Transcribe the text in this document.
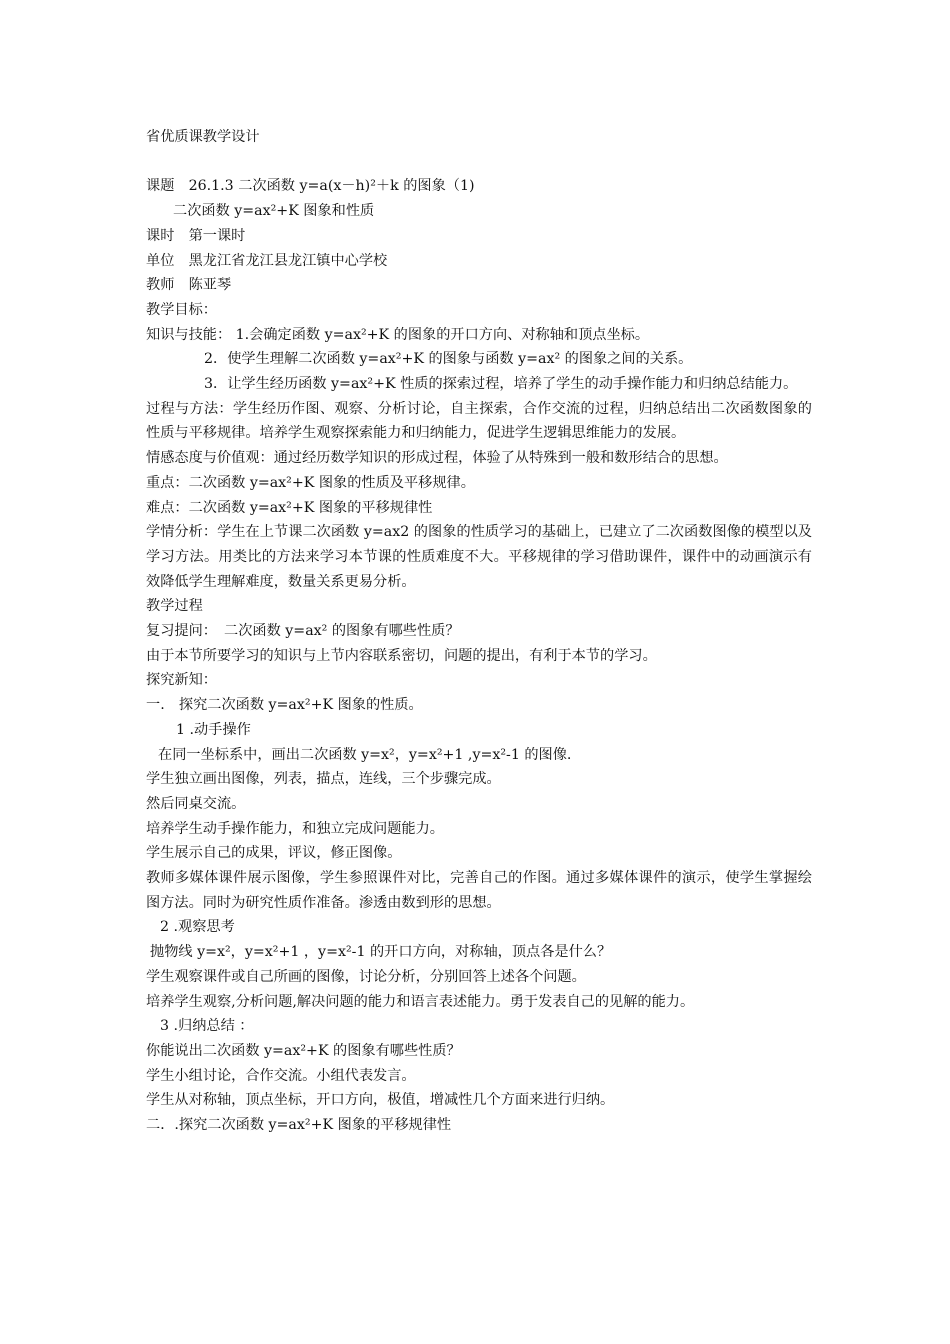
省优质课教学设计
课题　26.1.3 二次函数 y=a(x－h)²＋k 的图象（1)
二次函数 y=ax²+K 图象和性质
课时　第一课时
单位　黑龙江省龙江县龙江镇中心学校
教师　陈亚琴
教学目标：
知识与技能： 1.会确定函数 y=ax²+K 的图象的开口方向、对称轴和顶点坐标。
2．使学生理解二次函数 y=ax²+K 的图象与函数 y=ax² 的图象之间的关系。
3．让学生经历函数 y=ax²+K 性质的探索过程，培养了学生的动手操作能力和归纳总结能力。
过程与方法：学生经历作图、观察、分析讨论，自主探索，合作交流的过程，归纳总结出二次函数图象的性质与平移规律。培养学生观察探索能力和归纳能力，促进学生逻辑思维能力的发展。
情感态度与价值观：通过经历数学知识的形成过程，体验了从特殊到一般和数形结合的思想。
重点：二次函数 y=ax²+K 图象的性质及平移规律。
难点：二次函数 y=ax²+K 图象的平移规律性
学情分析：学生在上节课二次函数 y=ax2 的图象的性质学习的基础上，已建立了二次函数图像的模型以及学习方法。用类比的方法来学习本节课的性质难度不大。平移规律的学习借助课件，课件中的动画演示有效降低学生理解难度，数量关系更易分析。
教学过程
复习提问：　二次函数 y=ax² 的图象有哪些性质？
由于本节所要学习的知识与上节内容联系密切，问题的提出，有利于本节的学习。
探究新知：
一.　探究二次函数 y=ax²+K 图象的性质。
1 .动手操作
在同一坐标系中，画出二次函数 y=x²，y=x²+1 ,y=x²-1 的图像.
学生独立画出图像，列表，描点，连线，三个步骤完成。
然后同桌交流。
培养学生动手操作能力，和独立完成问题能力。
学生展示自己的成果，评议，修正图像。
教师多媒体课件展示图像，学生参照课件对比，完善自己的作图。通过多媒体课件的演示，使学生掌握绘图方法。同时为研究性质作准备。渗透由数到形的思想。
2 .观察思考
抛物线 y=x²，y=x²+1 ，y=x²-1 的开口方向，对称轴，顶点各是什么？
学生观察课件或自己所画的图像，讨论分析，分别回答上述各个问题。
培养学生观察,分析问题,解决问题的能力和语言表述能力。勇于发表自己的见解的能力。
3 .归纳总结 ：
你能说出二次函数 y=ax²+K 的图象有哪些性质？
学生小组讨论，合作交流。小组代表发言。
学生从对称轴，顶点坐标，开口方向，极值，增减性几个方面来进行归纳。
二．.探究二次函数 y=ax²+K 图象的平移规律性
